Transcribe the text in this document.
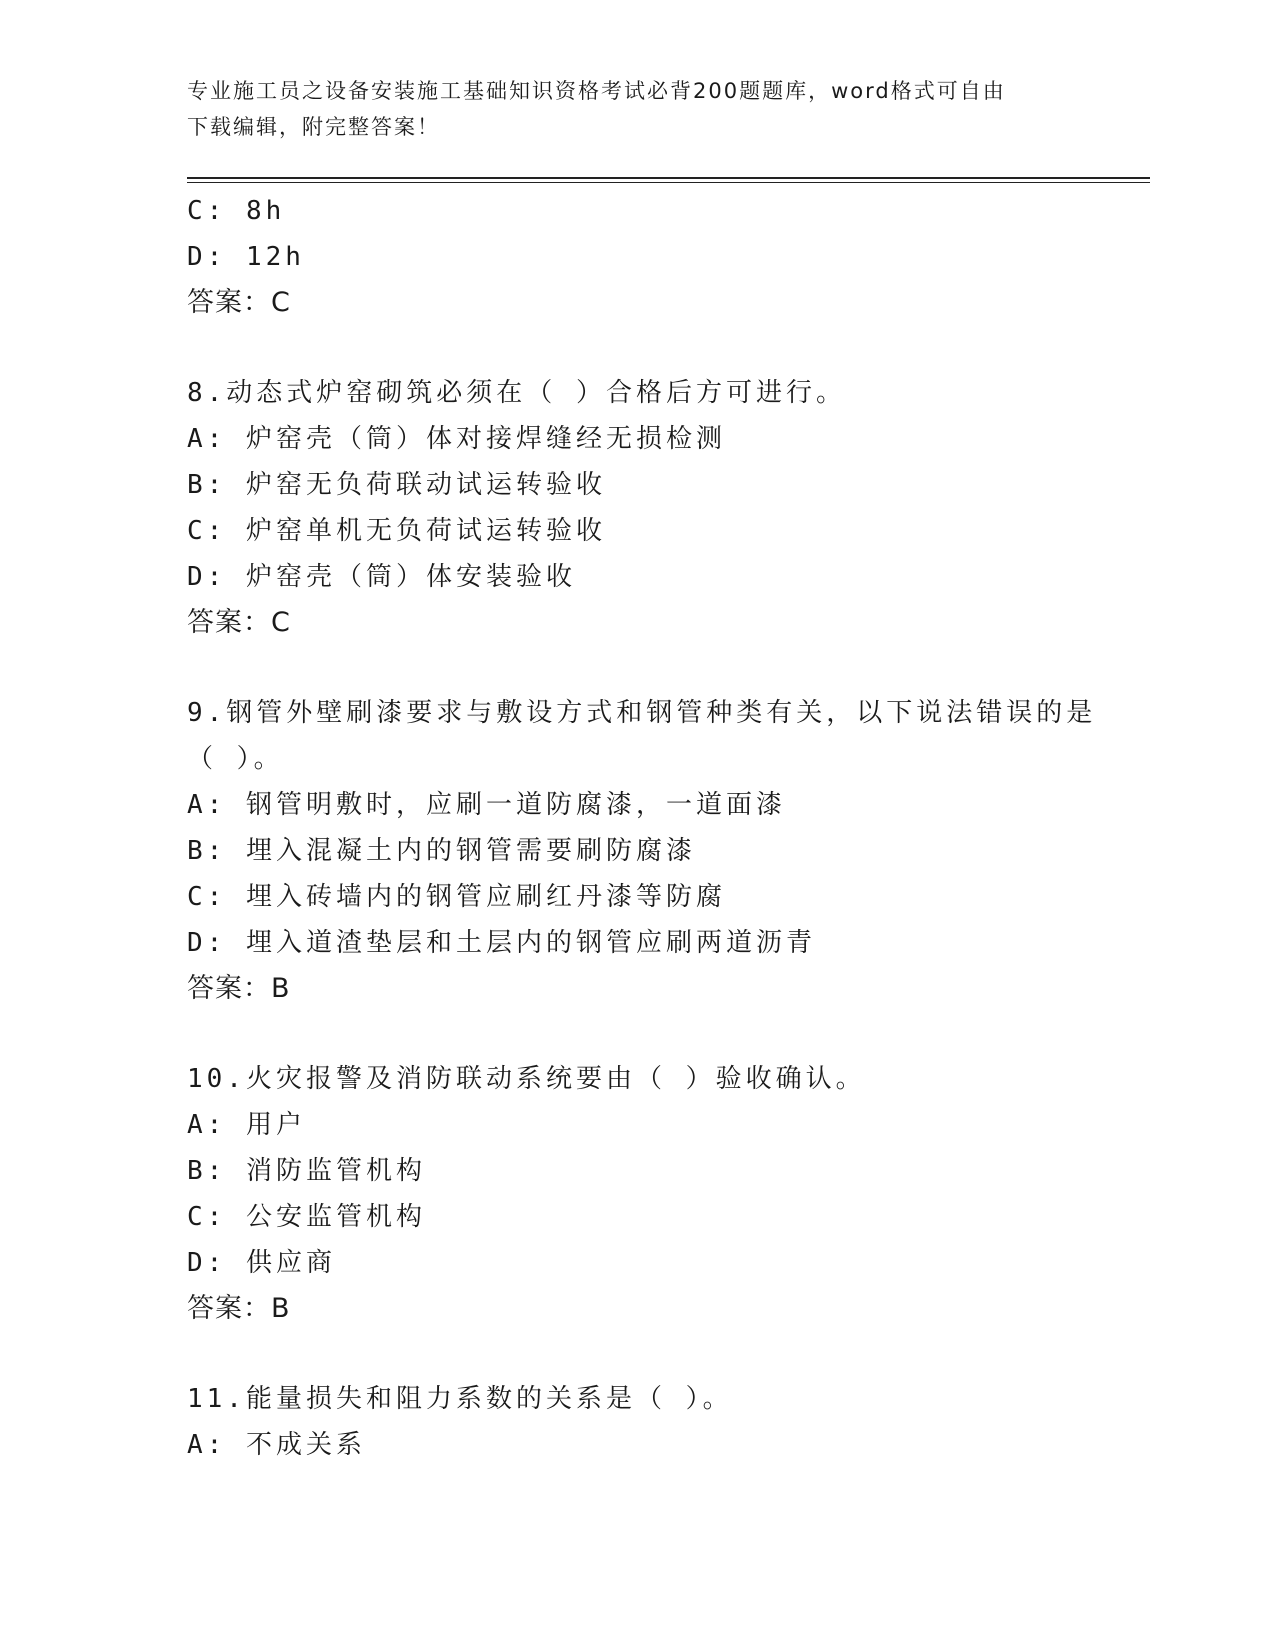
专业施工员之设备安装施工基础知识资格考试必背200题题库，word格式可自由
下载编辑，附完整答案！
C: 8h
D: 12h
答案：C
8.动态式炉窑砌筑必须在（ ）合格后方可进行。
A: 炉窑壳（筒）体对接焊缝经无损检测
B: 炉窑无负荷联动试运转验收
C: 炉窑单机无负荷试运转验收
D: 炉窑壳（筒）体安装验收
答案：C
9.钢管外壁刷漆要求与敷设方式和钢管种类有关，以下说法错误的是
（ ）。
A: 钢管明敷时，应刷一道防腐漆，一道面漆
B: 埋入混凝土内的钢管需要刷防腐漆
C: 埋入砖墙内的钢管应刷红丹漆等防腐
D: 埋入道渣垫层和土层内的钢管应刷两道沥青
答案：B
10.火灾报警及消防联动系统要由（ ）验收确认。
A: 用户
B: 消防监管机构
C: 公安监管机构
D: 供应商
答案：B
11.能量损失和阻力系数的关系是（ ）。
A: 不成关系
